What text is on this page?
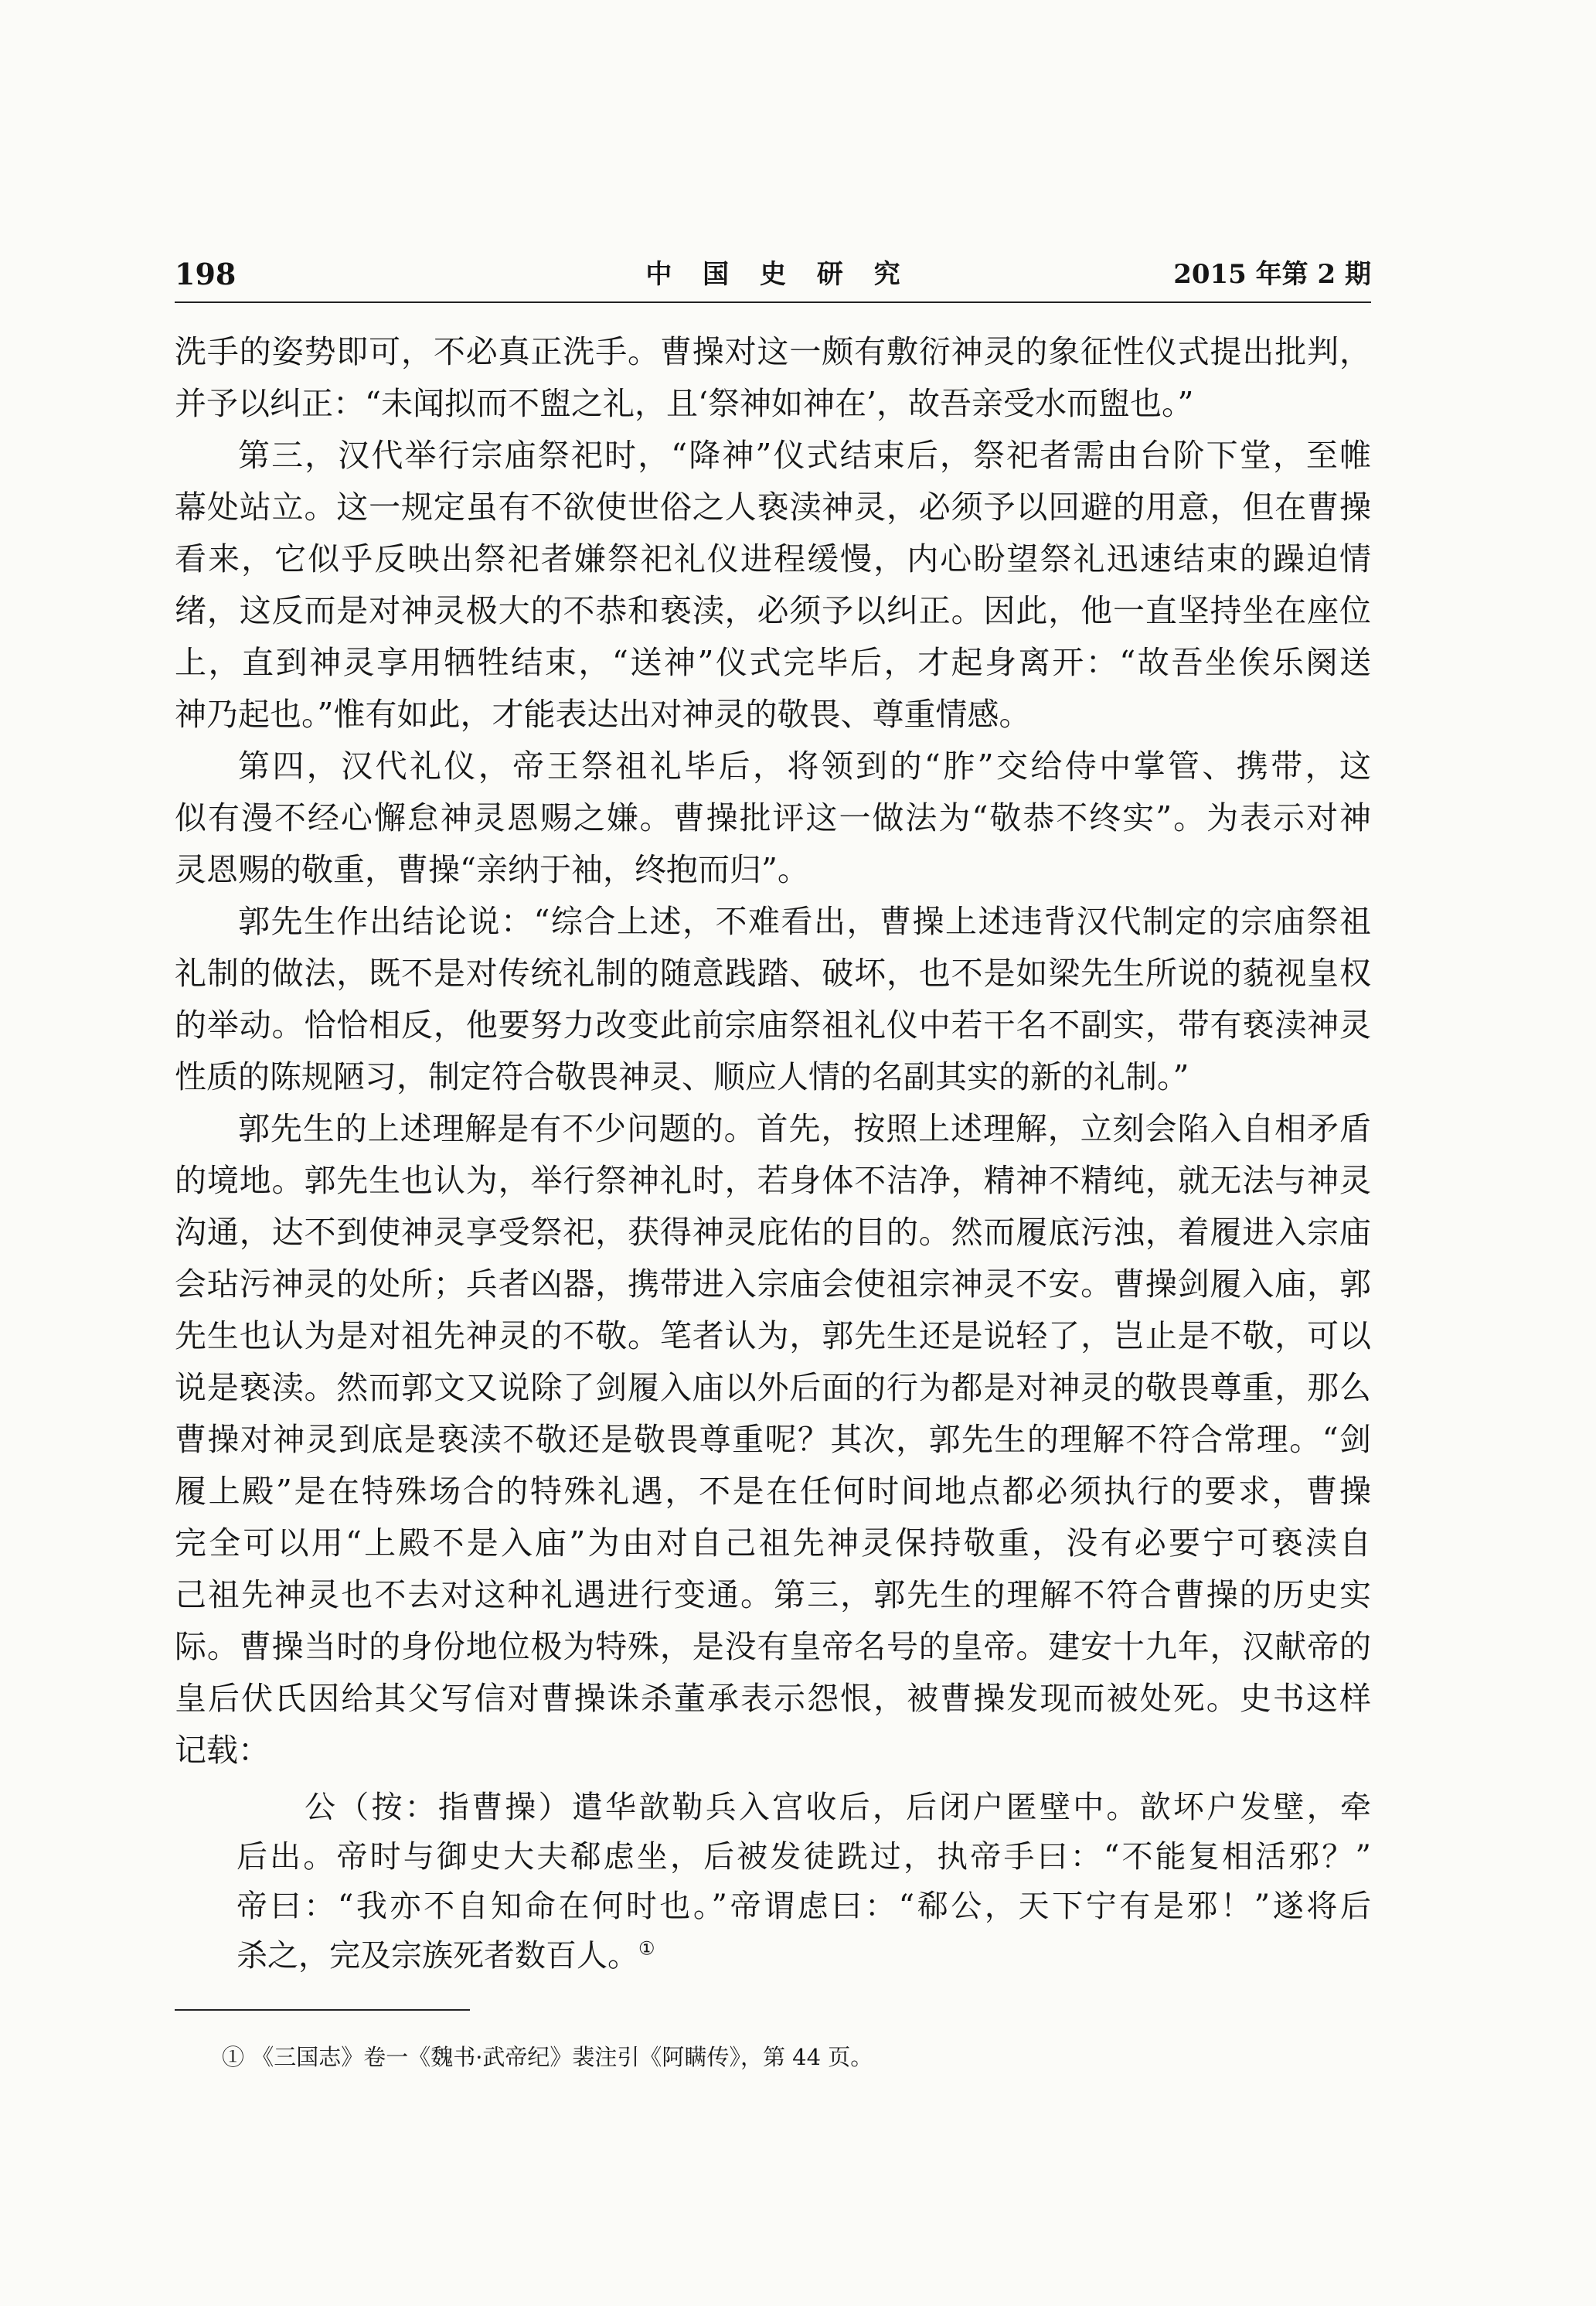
198	中 国 史 研 究	2015 年第 2 期
洗手的姿势即可，不必真正洗手。曹操对这一颇有敷衍神灵的象征性仪式提出批判，
并予以纠正：“未闻拟而不盥之礼，且‘祭神如神在’，故吾亲受水而盥也。”
第三，汉代举行宗庙祭祀时，“降神”仪式结束后，祭祀者需由台阶下堂，至帷
幕处站立。这一规定虽有不欲使世俗之人亵渎神灵，必须予以回避的用意，但在曹操
看来，它似乎反映出祭祀者嫌祭祀礼仪进程缓慢，内心盼望祭礼迅速结束的躁迫情
绪，这反而是对神灵极大的不恭和亵渎，必须予以纠正。因此，他一直坚持坐在座位
上，直到神灵享用牺牲结束，“送神”仪式完毕后，才起身离开：“故吾坐俟乐阕送
神乃起也。”惟有如此，才能表达出对神灵的敬畏、尊重情感。
第四，汉代礼仪，帝王祭祖礼毕后，将领到的“胙”交给侍中掌管、携带，这
似有漫不经心懈怠神灵恩赐之嫌。曹操批评这一做法为“敬恭不终实”。为表示对神
灵恩赐的敬重，曹操“亲纳于袖，终抱而归”。
郭先生作出结论说：“综合上述，不难看出，曹操上述违背汉代制定的宗庙祭祖
礼制的做法，既不是对传统礼制的随意践踏、破坏，也不是如梁先生所说的藐视皇权
的举动。恰恰相反，他要努力改变此前宗庙祭祖礼仪中若干名不副实，带有亵渎神灵
性质的陈规陋习，制定符合敬畏神灵、顺应人情的名副其实的新的礼制。”
郭先生的上述理解是有不少问题的。首先，按照上述理解，立刻会陷入自相矛盾
的境地。郭先生也认为，举行祭神礼时，若身体不洁净，精神不精纯，就无法与神灵
沟通，达不到使神灵享受祭祀，获得神灵庇佑的目的。然而履底污浊，着履进入宗庙
会玷污神灵的处所；兵者凶器，携带进入宗庙会使祖宗神灵不安。曹操剑履入庙，郭
先生也认为是对祖先神灵的不敬。笔者认为，郭先生还是说轻了，岂止是不敬，可以
说是亵渎。然而郭文又说除了剑履入庙以外后面的行为都是对神灵的敬畏尊重，那么
曹操对神灵到底是亵渎不敬还是敬畏尊重呢？其次，郭先生的理解不符合常理。“剑
履上殿”是在特殊场合的特殊礼遇，不是在任何时间地点都必须执行的要求，曹操
完全可以用“上殿不是入庙”为由对自己祖先神灵保持敬重，没有必要宁可亵渎自
己祖先神灵也不去对这种礼遇进行变通。第三，郭先生的理解不符合曹操的历史实
际。曹操当时的身份地位极为特殊，是没有皇帝名号的皇帝。建安十九年，汉献帝的
皇后伏氏因给其父写信对曹操诛杀董承表示怨恨，被曹操发现而被处死。史书这样
记载：
公（按：指曹操）遣华歆勒兵入宫收后，后闭户匿壁中。歆坏户发壁，牵
后出。帝时与御史大夫郗虑坐，后被发徒跣过，执帝手曰：“不能复相活邪？”
帝曰：“我亦不自知命在何时也。”帝谓虑曰：“郗公，天下宁有是邪！”遂将后
杀之，完及宗族死者数百人。①
① 《三国志》卷一《魏书·武帝纪》裴注引《阿瞒传》，第 44 页。
